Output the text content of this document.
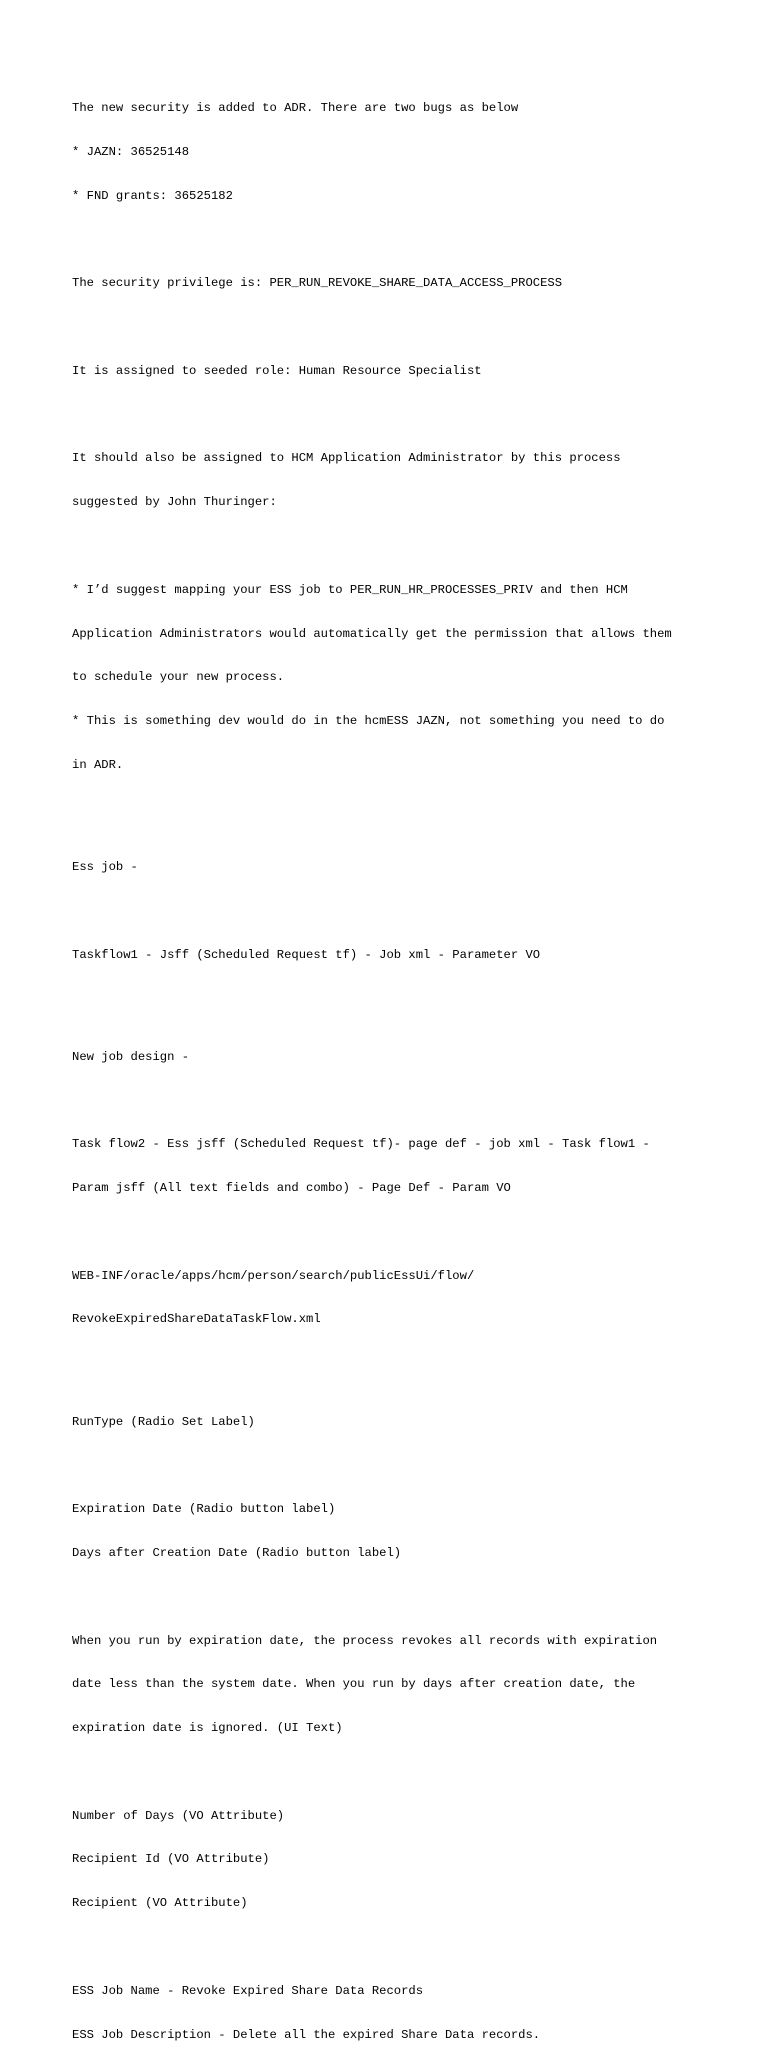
The new security is added to ADR. There are two bugs as below

* JAZN: 36525148

* FND grants: 36525182

The security privilege is: PER_RUN_REVOKE_SHARE_DATA_ACCESS_PROCESS

It is assigned to seeded role: Human Resource Specialist

It should also be assigned to HCM Application Administrator by this process

suggested by John Thuringer:

* I’d suggest mapping your ESS job to PER_RUN_HR_PROCESSES_PRIV and then HCM

Application Administrators would automatically get the permission that allows them

to schedule your new process.

* This is something dev would do in the hcmESS JAZN, not something you need to do

in ADR.

Ess job -

Taskflow1 - Jsff (Scheduled Request tf) - Job xml - Parameter VO

New job design -

Task flow2 - Ess jsff (Scheduled Request tf)- page def - job xml - Task flow1 -

Param jsff (All text fields and combo) - Page Def - Param VO

WEB-INF/oracle/apps/hcm/person/search/publicEssUi/flow/

RevokeExpiredShareDataTaskFlow.xml

RunType (Radio Set Label)

Expiration Date (Radio button label)

Days after Creation Date (Radio button label)

When you run by expiration date, the process revokes all records with expiration

date less than the system date. When you run by days after creation date, the

expiration date is ignored. (UI Text)

Number of Days (VO Attribute)

Recipient Id (VO Attribute)

Recipient (VO Attribute)

ESS Job Name - Revoke Expired Share Data Records

ESS Job Description - Delete all the expired Share Data records.
